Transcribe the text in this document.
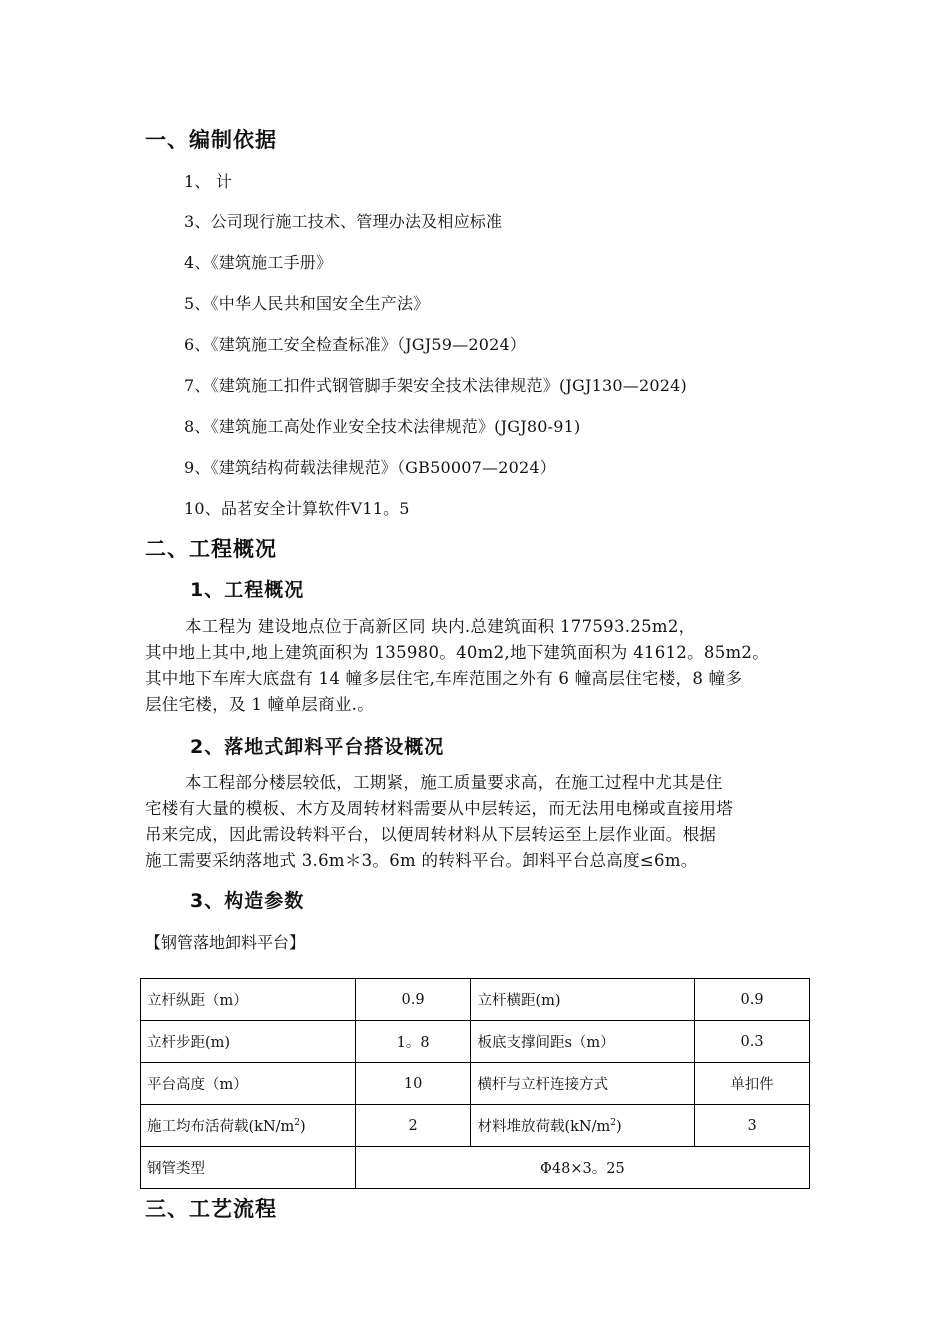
一、编制依据
1、 计
3、公司现行施工技术、管理办法及相应标准
4、《建筑施工手册》
5、《中华人民共和国安全生产法》
6、《建筑施工安全检查标准》（JGJ59—2024）
7、《建筑施工扣件式钢管脚手架安全技术法律规范》(JGJ130—2024)
8、《建筑施工高处作业安全技术法律规范》(JGJ80-91)
9、《建筑结构荷载法律规范》（GB50007—2024）
10、品茗安全计算软件V11。5
二、工程概况
1、工程概况
本工程为 建设地点位于高新区同 块内.总建筑面积 177593.25m2，
其中地上其中,地上建筑面积为 135980。40m2,地下建筑面积为 41612。85m2。
其中地下车库大底盘有 14 幢多层住宅,车库范围之外有 6 幢高层住宅楼，8 幢多
层住宅楼，及 1 幢单层商业.。
2、落地式卸料平台搭设概况
本工程部分楼层较低，工期紧，施工质量要求高，在施工过程中尤其是住
宅楼有大量的模板、木方及周转材料需要从中层转运，而无法用电梯或直接用塔
吊来完成，因此需设转料平台，以便周转材料从下层转运至上层作业面。根据
施工需要采纳落地式 3.6m＊3。6m 的转料平台。卸料平台总高度≤6m。
3、构造参数
【钢管落地卸料平台】
立杆纵距（m）	0.9	立杆横距(m)	0.9
立杆步距(m)	1。8	板底支撑间距s（m）	0.3
平台高度（m）	10	横杆与立杆连接方式	单扣件
施工均布活荷载$(kN/m^2)$	2	材料堆放荷载$(kN/m^2)$	3
钢管类型	Φ48×3。25		
三、工艺流程
